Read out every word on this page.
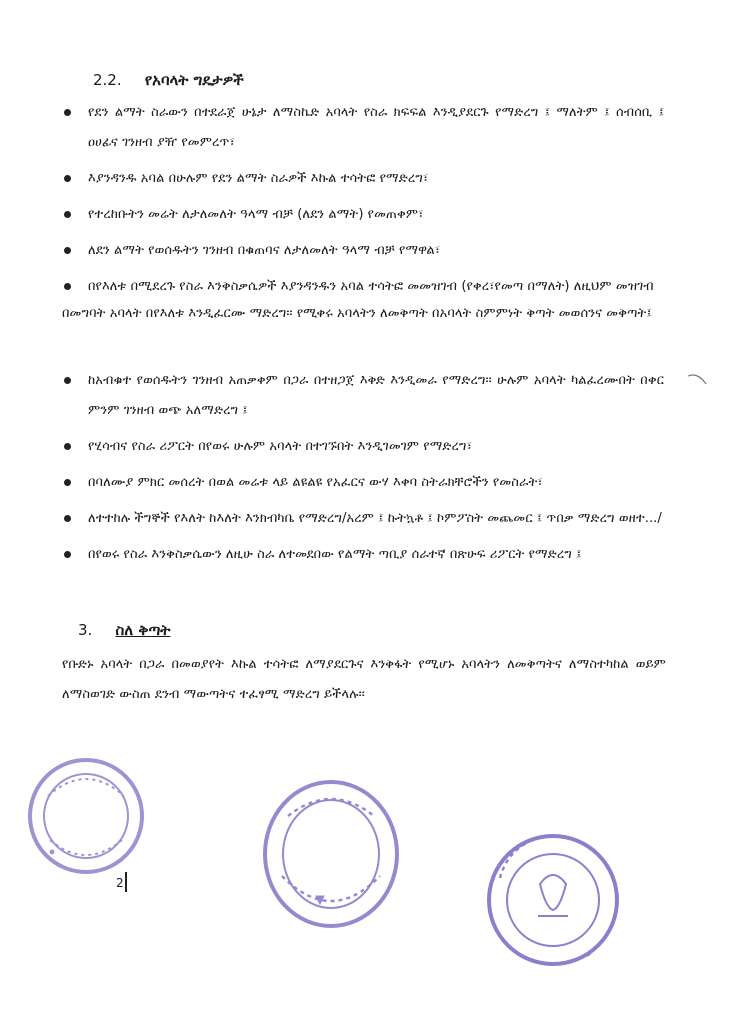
2.2. የአባላት ግዴታዎች
የደን ልማት ስራውን በተደራጀ ሁኔታ ለማስኬድ አባላት የስራ ክፍፍል እንዲያደርጉ የማድረግ ፤ ማለትም ፤ ሰብሰቢ ፤ ዐሀፊና ገንዘብ ያዥ የመምረጥ፣
እያንዳንዱ አባል በሁሉም የደን ልማት ስራዎች እኩል ተሳትፎ የማድረግ፣
የተረከቡትን መሬት ለታለመለት ዓላማ ብቻ (ለደን ልማት) የመጠቀም፣
ለደን ልማት የወሰዱትን ገንዘብ በቁጠባና ለታለመለት ዓላማ ብቻ የማዋል፣
በየእለቱ በሚደረጉ የስራ እንቅስቃሴዎች እያንዳንዱን አባል ተሳትፎ መመዝገብ (የቀረ፣የመጣ በማለት) ለዚህም መዝገብ

በመግባት አባላት በየእለቱ እንዲፈርሙ ማድረግ፡፡ የሚቀሩ አባላትን ለመቅጣት በአባላት ስምምነት ቅጣት መወሰንና መቅጣት፤

ከአብቁተ የወሰዱትን ገንዘብ አጠቃቀም በጋራ በተዘጋጀ እቅድ እንዲመራ የማድረግ፡፡ ሁሉም አባላት ካልፈረሙበት በቀር ምንም ገንዘብ ወጭ አለማድረግ ፤
የሂሳብና የስራ ሪፖርት በየወሩ ሁሉም አባላት በተገኙበት እንዲገመገም የማድረግ፣
በባለሙያ ምክር መሰረት በወል መሬቱ ላይ ልዩልዩ የአፈርና ውሃ እቀባ ስትራክቸሮችን የመስራት፣
ለተተከሉ ችግኞች የእለት ከእለት እንክብካቤ የማድረግ/አረም ፤ ኩትኳቶ ፤ ኮምፖስት መጨመር ፤ ጥበቃ ማድረግ ወዘተ.../
በየወሩ የስራ እንቅስቃሴውን ለዚሁ ስራ ለተመደበው የልማት ጣቢያ ሰራተኛ በጽሁፍ ሪፖርት የማድረግ ፤
3. ስለ ቅጣት

የቡድኑ አባላት በጋራ በመወያየት እኩል ተሳትፎ ለማያደርጉና እንቅፋት የሚሆኑ አባላትን ለመቅጣትና ለማስተካከል ወይም ለማስወገድ ውስጠ ደንብ ማውጣትና ተፈፃሚ ማድረግ ይችላሉ፡፡

2
